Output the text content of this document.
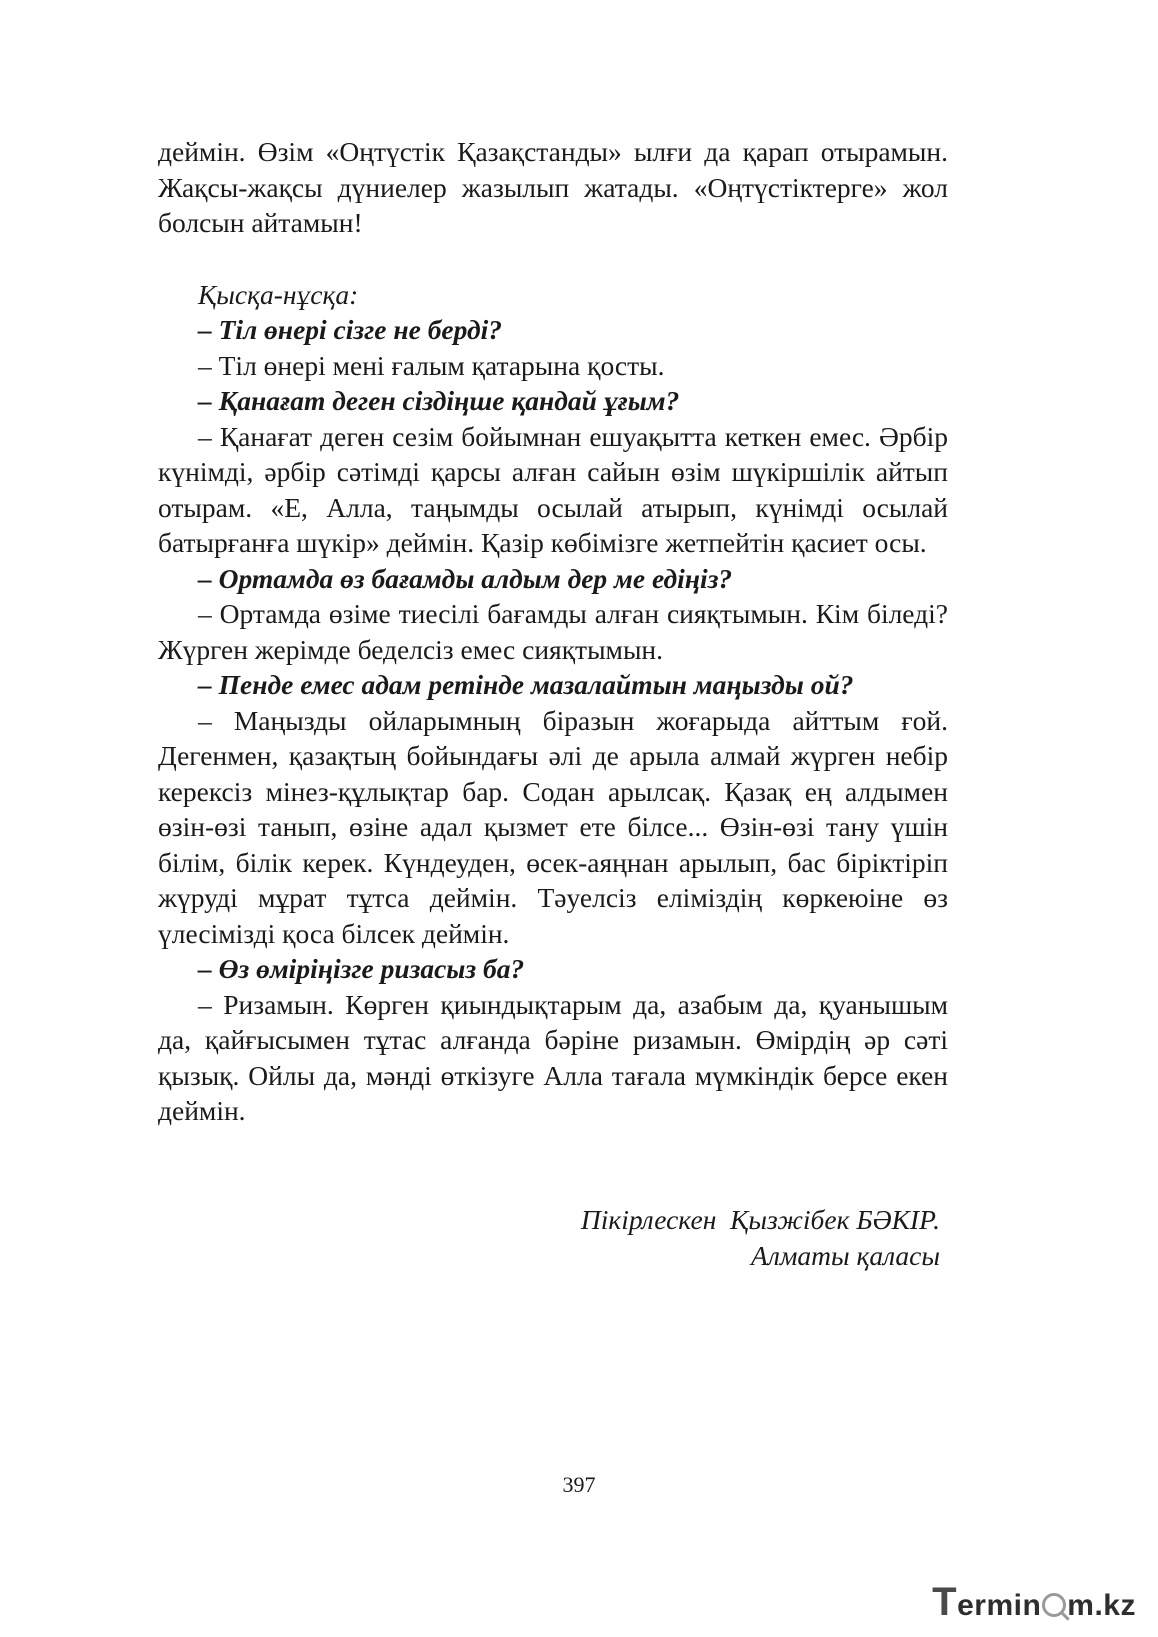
деймін. Өзім «Оңтүстік Қазақстанды» ылғи да қарап отырамын. Жақсы-жақсы дүниелер жазылып жатады. «Оңтүстіктерге» жол болсын айтамын!

Қысқа-нұсқа:

– Тіл өнері сізге не берді?

– Тіл өнері мені ғалым қатарына қосты.

– Қанағат деген сіздіңше қандай ұғым?

– Қанағат деген сезім бойымнан ешуақытта кеткен емес. Әрбір күнімді, әрбір сәтімді қарсы алған сайын өзім шүкіршілік айтып отырам. «Е, Алла, таңымды осылай атырып, күнімді осылай батырғанға шүкір» деймін. Қазір көбімізге жетпейтін қасиет осы.

– Ортамда өз бағамды алдым дер ме едіңіз?

– Ортамда өзіме тиесілі бағамды алған сияқтымын. Кім біледі? Жүрген жерімде беделсіз емес сияқтымын.

– Пенде емес адам ретінде мазалайтын маңызды ой?

– Маңызды ойларымның біразын жоғарыда айттым ғой. Дегенмен, қазақтың бойындағы әлі де арыла алмай жүрген небір керексіз мінез-құлықтар бар. Содан арылсақ. Қазақ ең алдымен өзін-өзі танып, өзіне адал қызмет ете білсе... Өзін-өзі тану үшін білім, білік керек. Күндеуден, өсек-аяңнан арылып, бас біріктіріп жүруді мұрат тұтса деймін. Тәуелсіз еліміздің көркеюіне өз үлесімізді қоса білсек деймін.

– Өз өміріңізге ризасыз ба?

– Ризамын. Көрген қиындықтарым да, азабым да, қуанышым да, қайғысымен тұтас алғанда бәріне ризамын. Өмірдің әр сәті қызық. Ойлы да, мәнді өткізуге Алла тағала мүмкіндік берсе екен деймін.

Пікірлескен  Қызжібек БӘКІР.
Алматы қаласы
397
Termin m.kz
